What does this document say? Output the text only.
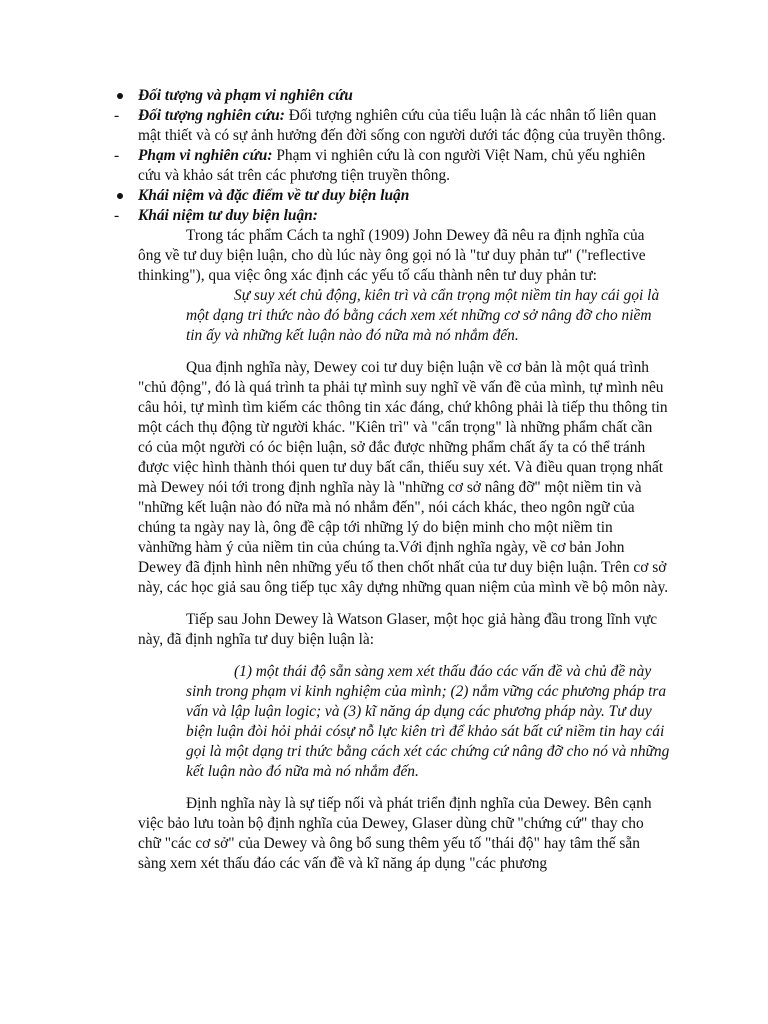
Đối tượng và phạm vi nghiên cứu
-	Đối tượng nghiên cứu: Đối tượng nghiên cứu của tiểu luận là các nhân tố liên quan mật thiết và có sự ảnh hưởng đến đời sống con người dưới tác động của truyền thông.
-	Phạm vi nghiên cứu: Phạm vi nghiên cứu là con người Việt Nam, chủ yếu nghiên cứu và khảo sát trên các phương tiện truyền thông.
Khái niệm và đặc điểm về tư duy biện luận
-	Khái niệm tư duy biện luận:
Trong tác phẩm Cách ta nghĩ (1909) John Dewey đã nêu ra định nghĩa của ông về tư duy biện luận, cho dù lúc này ông gọi nó là "tư duy phản tư" ("reflective thinking"), qua việc ông xác định các yếu tố cấu thành nên tư duy phản tư:
Sự suy xét chủ động, kiên trì và cẩn trọng một niềm tin hay cái gọi là một dạng tri thức nào đó bằng cách xem xét những cơ sở nâng đỡ cho niềm tin ấy và những kết luận nào đó nữa mà nó nhắm đến.
Qua định nghĩa này, Dewey coi tư duy biện luận về cơ bản là một quá trình "chủ động", đó là quá trình ta phải tự mình suy nghĩ về vấn đề của mình, tự mình nêu câu hỏi, tự mình tìm kiếm các thông tin xác đáng, chứ không phải là tiếp thu thông tin một cách thụ động từ người khác. "Kiên trì" và "cẩn trọng" là những phẩm chất cần có của một người có óc biện luận, sở đắc được những phẩm chất ấy ta có thể tránh được việc hình thành thói quen tư duy bất cẩn, thiếu suy xét. Và điều quan trọng nhất mà Dewey nói tới trong định nghĩa này là "những cơ sở nâng đỡ" một niềm tin và "những kết luận nào đó nữa mà nó nhắm đến", nói cách khác, theo ngôn ngữ của chúng ta ngày nay là, ông đề cập tới những lý do biện minh cho một niềm tin vànhững hàm ý của niềm tin của chúng ta.Với định nghĩa ngày, về cơ bản John Dewey đã định hình nên những yếu tố then chốt nhất của tư duy biện luận. Trên cơ sở này, các học giả sau ông tiếp tục xây dựng những quan niệm của mình về bộ môn này.
Tiếp sau John Dewey là Watson Glaser, một học giả hàng đầu trong lĩnh vực này, đã định nghĩa tư duy biện luận là:
(1) một thái độ sẵn sàng xem xét thấu đáo các vấn đề và chủ đề này sinh trong phạm vi kinh nghiệm của mình; (2) nắm vững các phương pháp tra vấn và lập luận logic; và (3) kĩ năng áp dụng các phương pháp này. Tư duy biện luận đòi hỏi phải cósự nỗ lực kiên trì để khảo sát bất cứ niềm tin hay cái gọi là một dạng tri thức bằng cách xét các chứng cứ nâng đỡ cho nó và những kết luận nào đó nữa mà nó nhắm đến.
Định nghĩa này là sự tiếp nối và phát triển định nghĩa của Dewey. Bên cạnh việc bảo lưu toàn bộ định nghĩa của Dewey, Glaser dùng chữ "chứng cứ" thay cho chữ "các cơ sở" của Dewey và ông bổ sung thêm yếu tố "thái độ" hay tâm thế sẵn sàng xem xét thấu đáo các vấn đề và kĩ năng áp dụng "các phương
